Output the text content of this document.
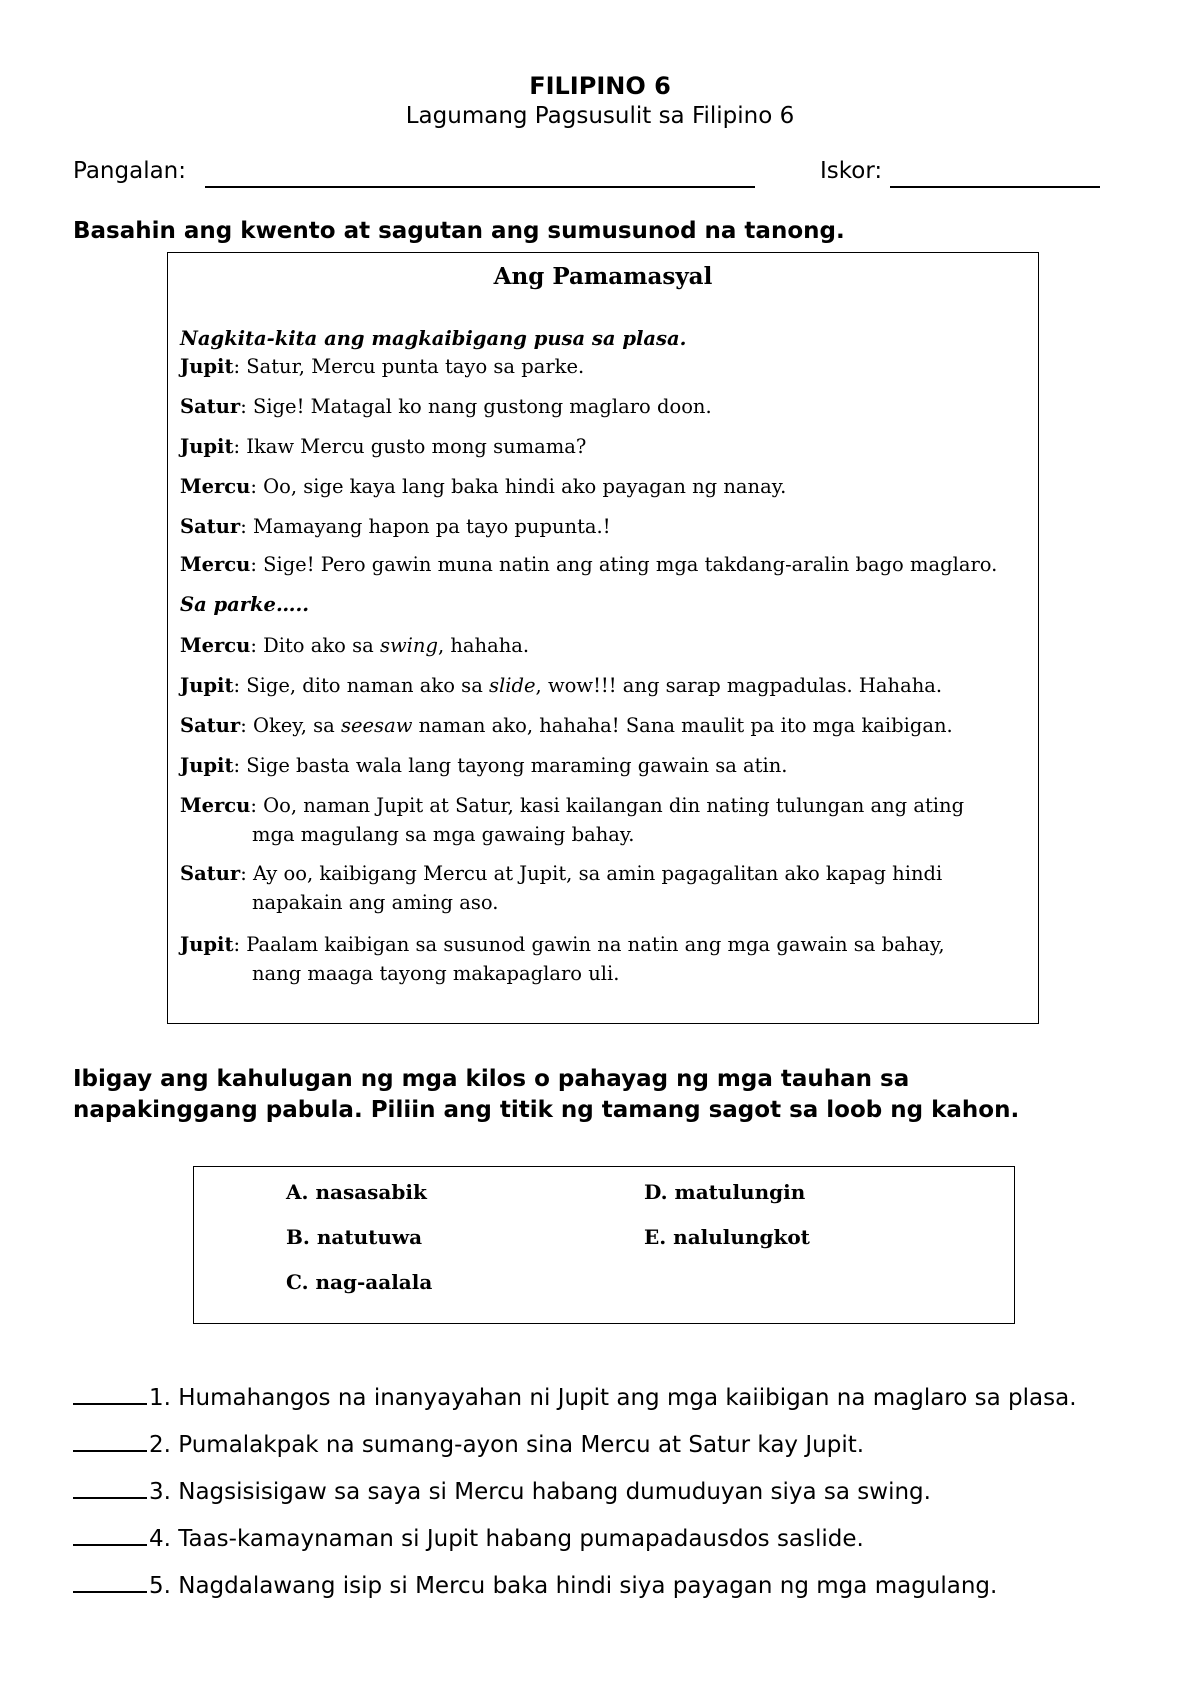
FILIPINO 6
Lagumang Pagsusulit sa Filipino 6
Pangalan:	Iskor:
Basahin ang kwento at sagutan ang sumusunod na tanong.
Ang Pamamasyal
Nagkita-kita ang magkaibigang pusa sa plasa.
Jupit: Satur, Mercu punta tayo sa parke.
Satur: Sige! Matagal ko nang gustong maglaro doon.
Jupit: Ikaw Mercu gusto mong sumama?
Mercu: Oo, sige kaya lang baka hindi ako payagan ng nanay.
Satur: Mamayang hapon pa tayo pupunta.!
Mercu: Sige! Pero gawin muna natin ang ating mga takdang-aralin bago maglaro.
Sa parke…..
Mercu: Dito ako sa swing, hahaha.
Jupit: Sige, dito naman ako sa slide, wow!!! ang sarap magpadulas. Hahaha.
Satur: Okey, sa seesaw naman ako, hahaha! Sana maulit pa ito mga kaibigan.
Jupit: Sige basta wala lang tayong maraming gawain sa atin.
Mercu: Oo, naman Jupit at Satur, kasi kailangan din nating tulungan ang ating
mga magulang sa mga gawaing bahay.
Satur: Ay oo, kaibigang Mercu at Jupit, sa amin pagagalitan ako kapag hindi
napakain ang aming aso.
Jupit: Paalam kaibigan sa susunod gawin na natin ang mga gawain sa bahay,
nang maaga tayong makapaglaro uli.
Ibigay ang kahulugan ng mga kilos o pahayag ng mga tauhan sa
napakinggang pabula. Piliin ang titik ng tamang sagot sa loob ng kahon.
A. nasasabik
B. natutuwa
C. nag-aalala
D. matulungin
E. nalulungkot
1. Humahangos na inanyayahan ni Jupit ang mga kaiibigan na maglaro sa plasa.
2. Pumalakpak na sumang-ayon sina Mercu at Satur kay Jupit.
3. Nagsisisigaw sa saya si Mercu habang dumuduyan siya sa swing.
4. Taas-kamaynaman si Jupit habang pumapadausdos saslide.
5. Nagdalawang isip si Mercu baka hindi siya payagan ng mga magulang.
